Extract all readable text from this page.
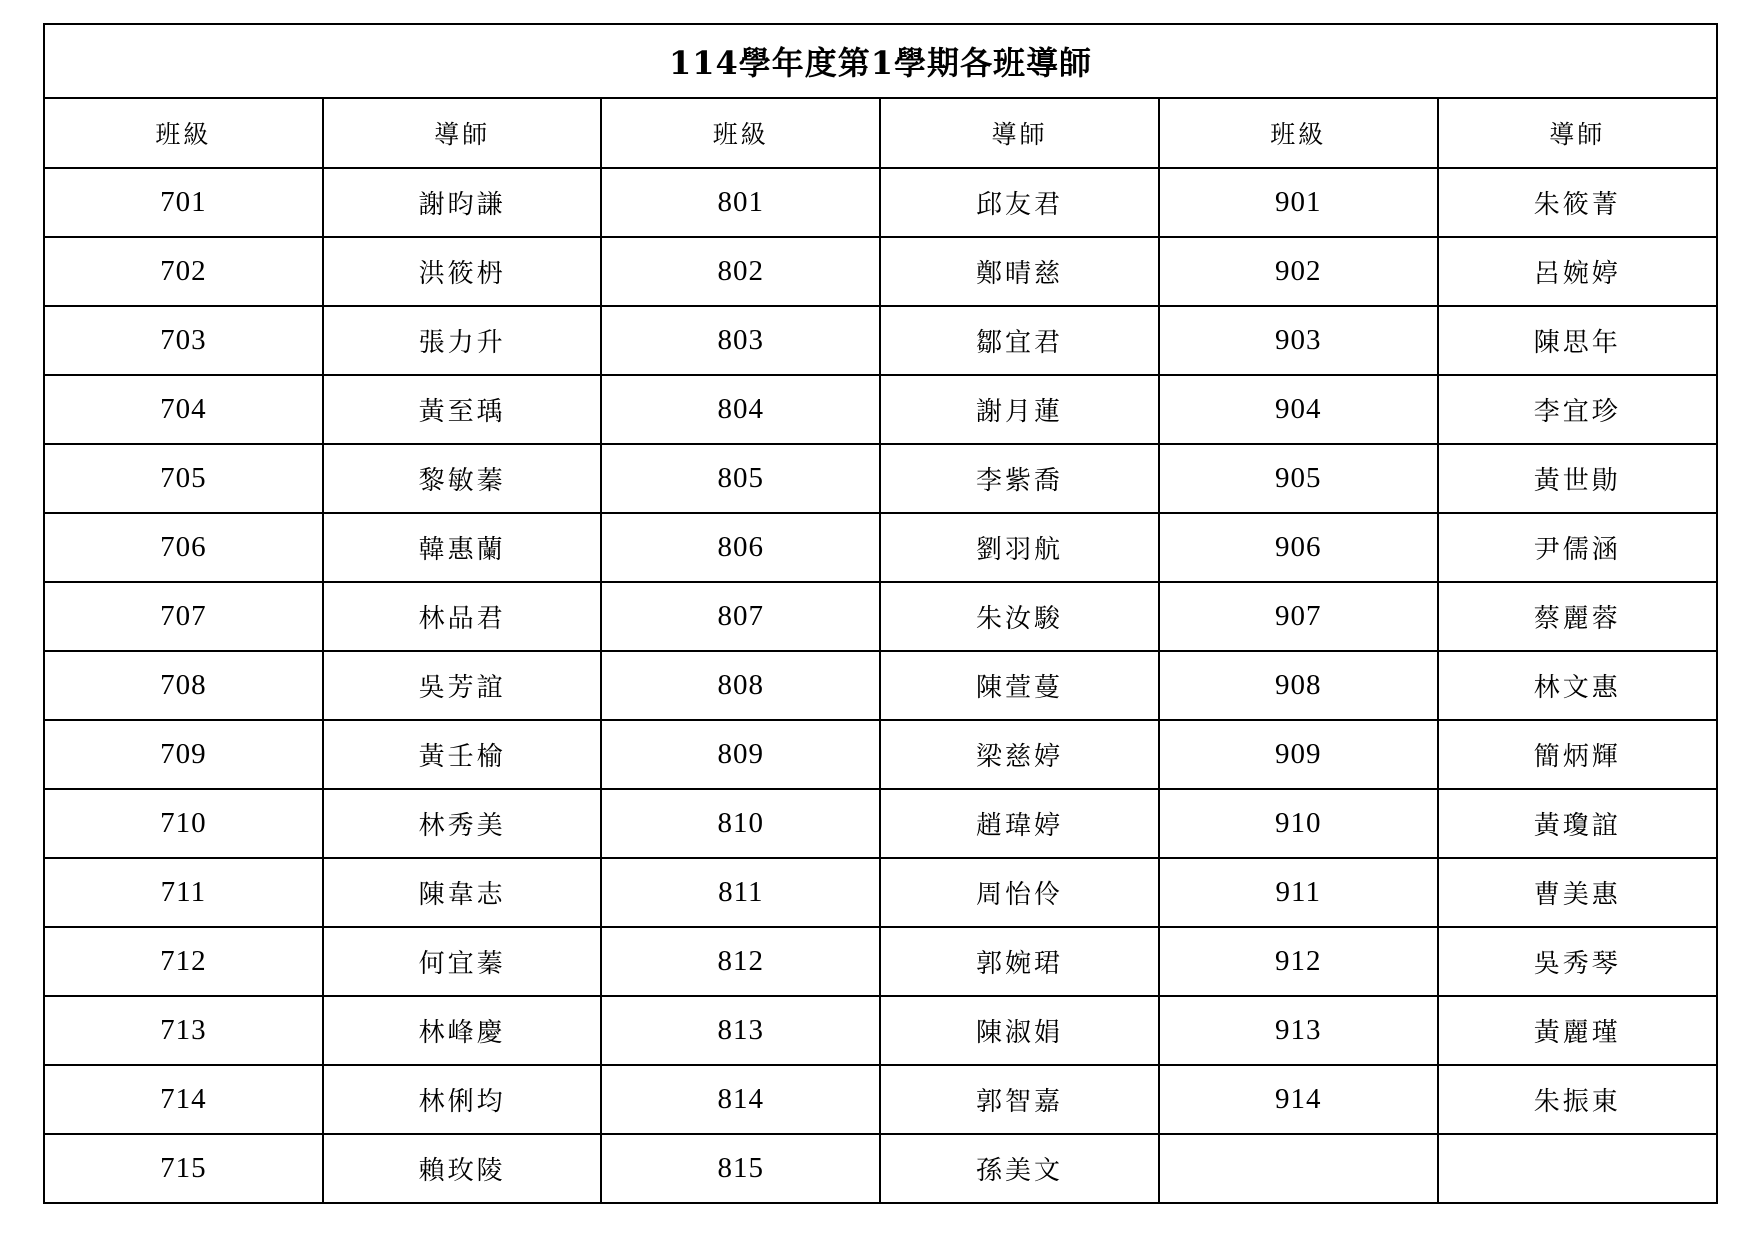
114學年度第1學期各班導師					
班級	導師	班級	導師	班級	導師
701	謝昀謙	801	邱友君	901	朱筱菁
702	洪筱枬	802	鄭晴慈	902	呂婉婷
703	張力升	803	鄒宜君	903	陳思年
704	黃至瑀	804	謝月蓮	904	李宜珍
705	黎敏蓁	805	李紫喬	905	黃世勛
706	韓惠蘭	806	劉羽航	906	尹儒涵
707	林品君	807	朱汝駿	907	蔡麗蓉
708	吳芳誼	808	陳萱蔓	908	林文惠
709	黃壬榆	809	梁慈婷	909	簡炳輝
710	林秀美	810	趙瑋婷	910	黃瓊誼
711	陳韋志	811	周怡伶	911	曹美惠
712	何宜蓁	812	郭婉珺	912	吳秀琴
713	林峰慶	813	陳淑娟	913	黃麗瑾
714	林俐均	814	郭智嘉	914	朱振東
715	賴玫陵	815	孫美文		
